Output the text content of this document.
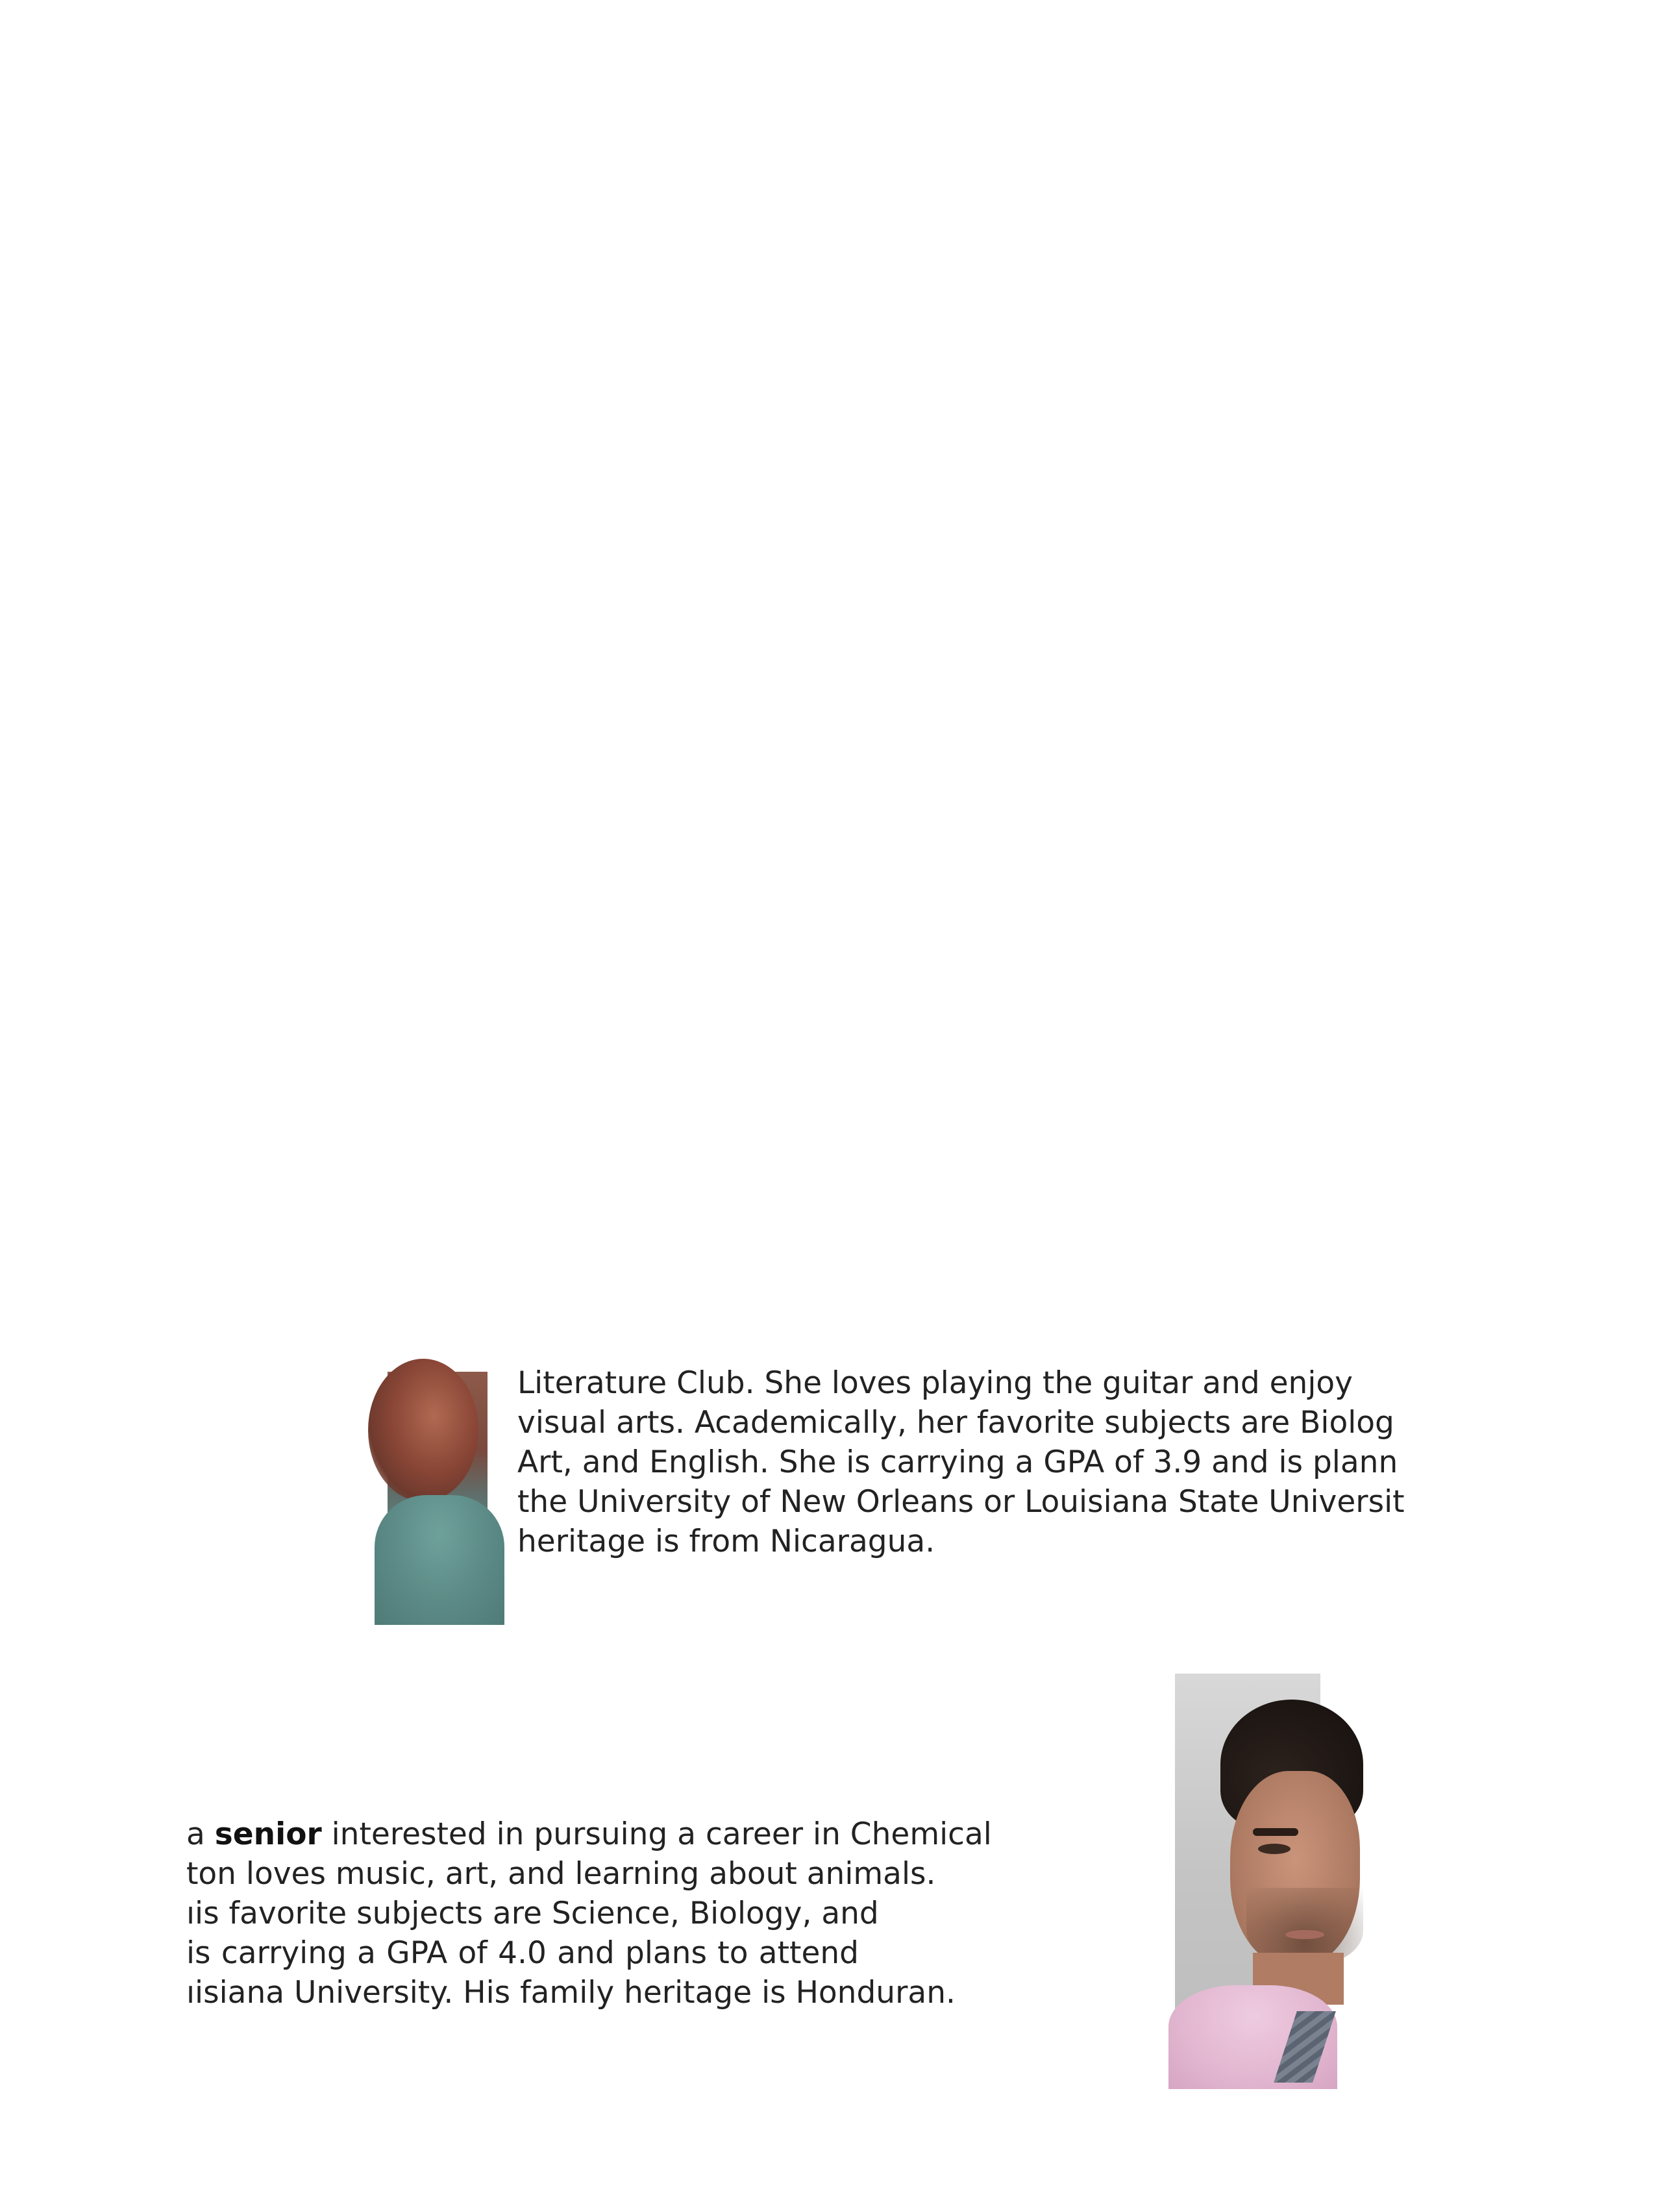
Literature Club. She loves playing the guitar and enjoy
visual arts. Academically, her favorite subjects are Biolog
Art, and English. She is carrying a GPA of 3.9 and is plann
the University of New Orleans or Louisiana State Universit
heritage is from Nicaragua.
a senior interested in pursuing a career in Chemical
ton loves music, art, and learning about animals.
ıis favorite subjects are Science, Biology, and
is carrying a GPA of 4.0 and plans to attend
ıisiana University. His family heritage is Honduran.
